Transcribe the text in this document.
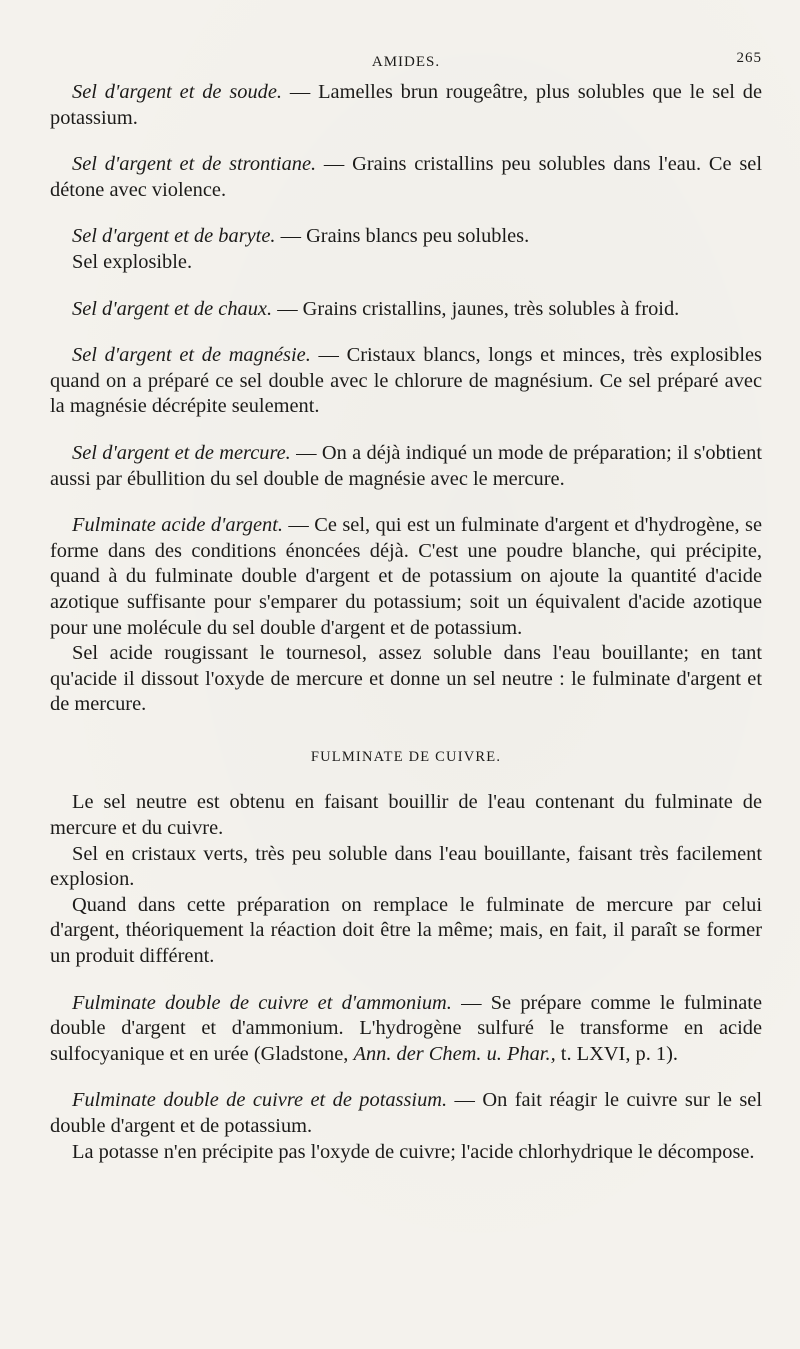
AMIDES.	265

Sel d'argent et de soude. — Lamelles brun rougeâtre, plus solubles que le sel de potassium.

Sel d'argent et de strontiane. — Grains cristallins peu solubles dans l'eau. Ce sel détone avec violence.

Sel d'argent et de baryte. — Grains blancs peu solubles.

Sel explosible.

Sel d'argent et de chaux. — Grains cristallins, jaunes, très solubles à froid.

Sel d'argent et de magnésie. — Cristaux blancs, longs et minces, très explosibles quand on a préparé ce sel double avec le chlorure de magnésium. Ce sel préparé avec la magnésie décrépite seulement.

Sel d'argent et de mercure. — On a déjà indiqué un mode de préparation; il s'obtient aussi par ébullition du sel double de magnésie avec le mercure.

Fulminate acide d'argent. — Ce sel, qui est un fulminate d'argent et d'hydrogène, se forme dans des conditions énoncées déjà. C'est une poudre blanche, qui précipite, quand à du fulminate double d'argent et de potassium on ajoute la quantité d'acide azotique suffisante pour s'emparer du potassium; soit un équivalent d'acide azotique pour une molécule du sel double d'argent et de potassium.

Sel acide rougissant le tournesol, assez soluble dans l'eau bouillante; en tant qu'acide il dissout l'oxyde de mercure et donne un sel neutre : le fulminate d'argent et de mercure.

FULMINATE DE CUIVRE.

Le sel neutre est obtenu en faisant bouillir de l'eau contenant du fulminate de mercure et du cuivre.

Sel en cristaux verts, très peu soluble dans l'eau bouillante, faisant très facilement explosion.

Quand dans cette préparation on remplace le fulminate de mercure par celui d'argent, théoriquement la réaction doit être la même; mais, en fait, il paraît se former un produit différent.

Fulminate double de cuivre et d'ammonium. — Se prépare comme le fulminate double d'argent et d'ammonium. L'hydrogène sulfuré le transforme en acide sulfocyanique et en urée (Gladstone, Ann. der Chem. u. Phar., t. LXVI, p. 1).

Fulminate double de cuivre et de potassium. — On fait réagir le cuivre sur le sel double d'argent et de potassium.

La potasse n'en précipite pas l'oxyde de cuivre; l'acide chlorhydrique le décompose.
